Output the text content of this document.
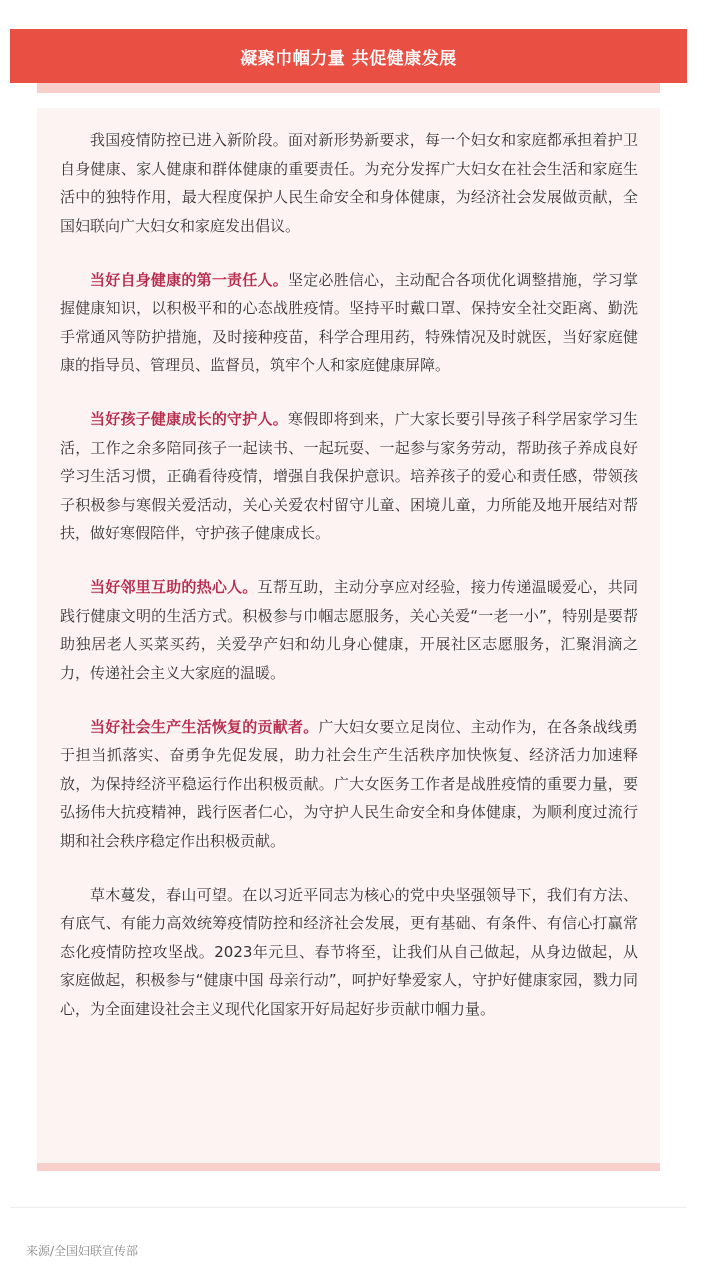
凝聚巾帼力量 共促健康发展

我国疫情防控已进入新阶段。面对新形势新要求，每一个妇女和家庭都承担着护卫自身健康、家人健康和群体健康的重要责任。为充分发挥广大妇女在社会生活和家庭生活中的独特作用，最大程度保护人民生命安全和身体健康，为经济社会发展做贡献，全国妇联向广大妇女和家庭发出倡议。

当好自身健康的第一责任人。坚定必胜信心，主动配合各项优化调整措施，学习掌握健康知识，以积极平和的心态战胜疫情。坚持平时戴口罩、保持安全社交距离、勤洗手常通风等防护措施，及时接种疫苗，科学合理用药，特殊情况及时就医，当好家庭健康的指导员、管理员、监督员，筑牢个人和家庭健康屏障。

当好孩子健康成长的守护人。寒假即将到来，广大家长要引导孩子科学居家学习生活，工作之余多陪同孩子一起读书、一起玩耍、一起参与家务劳动，帮助孩子养成良好学习生活习惯，正确看待疫情，增强自我保护意识。培养孩子的爱心和责任感，带领孩子积极参与寒假关爱活动，关心关爱农村留守儿童、困境儿童，力所能及地开展结对帮扶，做好寒假陪伴，守护孩子健康成长。

当好邻里互助的热心人。互帮互助，主动分享应对经验，接力传递温暖爱心，共同践行健康文明的生活方式。积极参与巾帼志愿服务，关心关爱“一老一小”，特别是要帮助独居老人买菜买药，关爱孕产妇和幼儿身心健康，开展社区志愿服务，汇聚涓滴之力，传递社会主义大家庭的温暖。

当好社会生产生活恢复的贡献者。广大妇女要立足岗位、主动作为，在各条战线勇于担当抓落实、奋勇争先促发展，助力社会生产生活秩序加快恢复、经济活力加速释放，为保持经济平稳运行作出积极贡献。广大女医务工作者是战胜疫情的重要力量，要弘扬伟大抗疫精神，践行医者仁心，为守护人民生命安全和身体健康，为顺利度过流行期和社会秩序稳定作出积极贡献。

草木蔓发，春山可望。在以习近平同志为核心的党中央坚强领导下，我们有方法、有底气、有能力高效统筹疫情防控和经济社会发展，更有基础、有条件、有信心打赢常态化疫情防控攻坚战。2023年元旦、春节将至，让我们从自己做起，从身边做起，从家庭做起，积极参与“健康中国 母亲行动”，呵护好挚爱家人，守护好健康家园，戮力同心，为全面建设社会主义现代化国家开好局起好步贡献巾帼力量。

来源/全国妇联宣传部
